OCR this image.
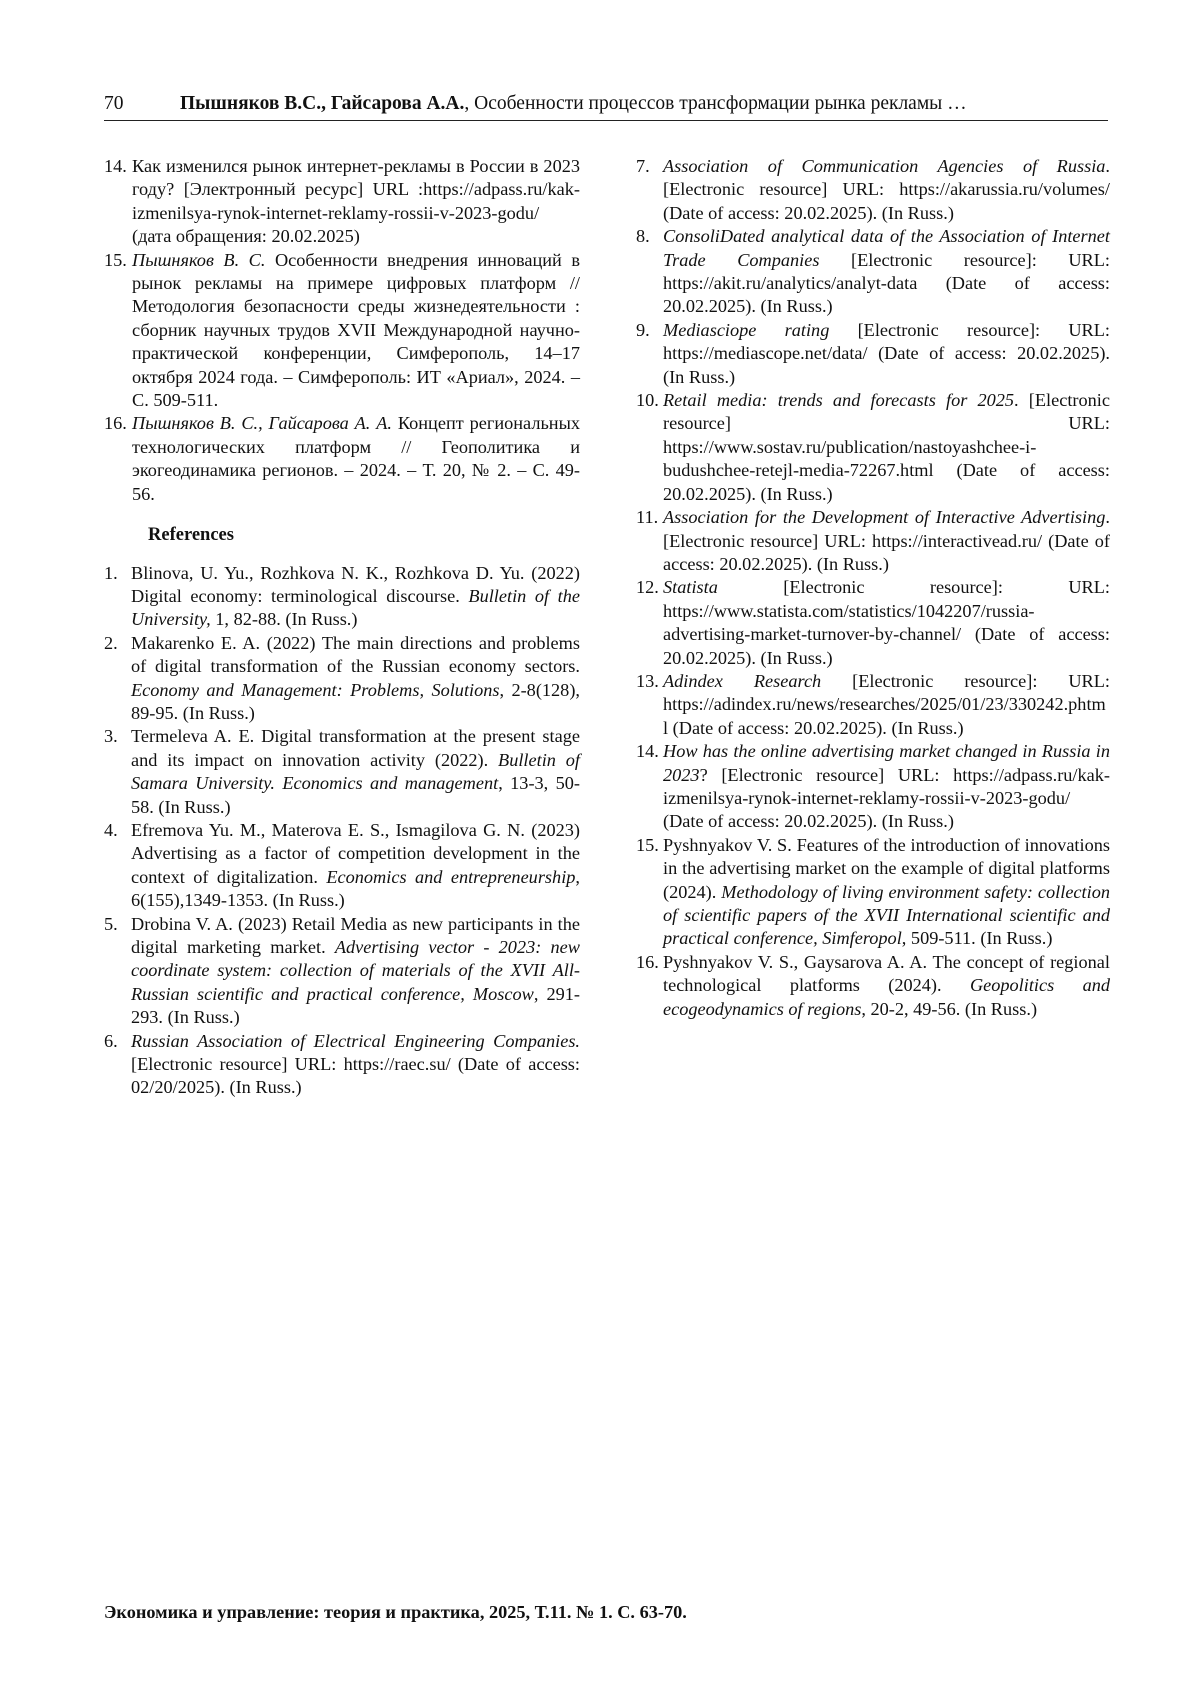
70	Пышняков В.С., Гайсарова А.А., Особенности процессов трансформации рынка рекламы …
14. Как изменился рынок интернет-рекламы в России в 2023 году? [Электронный ресурс] URL :https://adpass.ru/kak-izmenilsya-rynok-internet-reklamy-rossii-v-2023-godu/ (дата обращения: 20.02.2025)
15. Пышняков В. С. Особенности внедрения инноваций в рынок рекламы на примере цифровых платформ // Методология безопасности среды жизнедеятельности : сборник научных трудов XVII Международной научно-практической конференции, Симферополь, 14–17 октября 2024 года. – Симферополь: ИТ «Ариал», 2024. – С. 509-511.
16. Пышняков В. С., Гайсарова А. А. Концепт региональных технологических платформ // Геополитика и экогеодинамика регионов. – 2024. – Т. 20, № 2. – С. 49-56.
References
1. Blinova, U. Yu., Rozhkova N. K., Rozhkova D. Yu. (2022) Digital economy: terminological discourse. Bulletin of the University, 1, 82-88. (In Russ.)
2. Makarenko E. A. (2022) The main directions and problems of digital transformation of the Russian economy sectors. Economy and Management: Problems, Solutions, 2-8(128), 89-95. (In Russ.)
3. Termeleva A. E. Digital transformation at the present stage and its impact on innovation activity (2022). Bulletin of Samara University. Economics and management, 13-3, 50-58. (In Russ.)
4. Efremova Yu. M., Materova E. S., Ismagilova G. N. (2023) Advertising as a factor of competition development in the context of digitalization. Economics and entrepreneurship, 6(155),1349-1353. (In Russ.)
5. Drobina V. A. (2023) Retail Media as new participants in the digital marketing market. Advertising vector - 2023: new coordinate system: collection of materials of the XVII All-Russian scientific and practical conference, Moscow, 291-293. (In Russ.)
6. Russian Association of Electrical Engineering Companies. [Electronic resource] URL: https://raec.su/ (Date of access: 02/20/2025). (In Russ.)
7. Association of Communication Agencies of Russia. [Electronic resource] URL: https://akarussia.ru/volumes/ (Date of access: 20.02.2025). (In Russ.)
8. ConsoliDated analytical data of the Association of Internet Trade Companies [Electronic resource]: URL: https://akit.ru/analytics/analyt-data (Date of access: 20.02.2025). (In Russ.)
9. Mediasciope rating [Electronic resource]: URL: https://mediascope.net/data/ (Date of access: 20.02.2025). (In Russ.)
10. Retail media: trends and forecasts for 2025. [Electronic resource] URL: https://www.sostav.ru/publication/nastoyashchee-i-budushchee-retejl-media-72267.html (Date of access: 20.02.2025). (In Russ.)
11. Association for the Development of Interactive Advertising. [Electronic resource] URL: https://interactivead.ru/ (Date of access: 20.02.2025). (In Russ.)
12. Statista [Electronic resource]: URL: https://www.statista.com/statistics/1042207/russia-advertising-market-turnover-by-channel/ (Date of access: 20.02.2025). (In Russ.)
13. Adindex Research [Electronic resource]: URL: https://adindex.ru/news/researches/2025/01/23/330242.phtml (Date of access: 20.02.2025). (In Russ.)
14. How has the online advertising market changed in Russia in 2023? [Electronic resource] URL: https://adpass.ru/kak-izmenilsya-rynok-internet-reklamy-rossii-v-2023-godu/ (Date of access: 20.02.2025). (In Russ.)
15. Pyshnyakov V. S. Features of the introduction of innovations in the advertising market on the example of digital platforms (2024). Methodology of living environment safety: collection of scientific papers of the XVII International scientific and practical conference, Simferopol, 509-511. (In Russ.)
16. Pyshnyakov V. S., Gaysarova A. A. The concept of regional technological platforms (2024). Geopolitics and ecogeodynamics of regions, 20-2, 49-56. (In Russ.)
Экономика и управление: теория и практика, 2025, Т.11. № 1. С. 63-70.
